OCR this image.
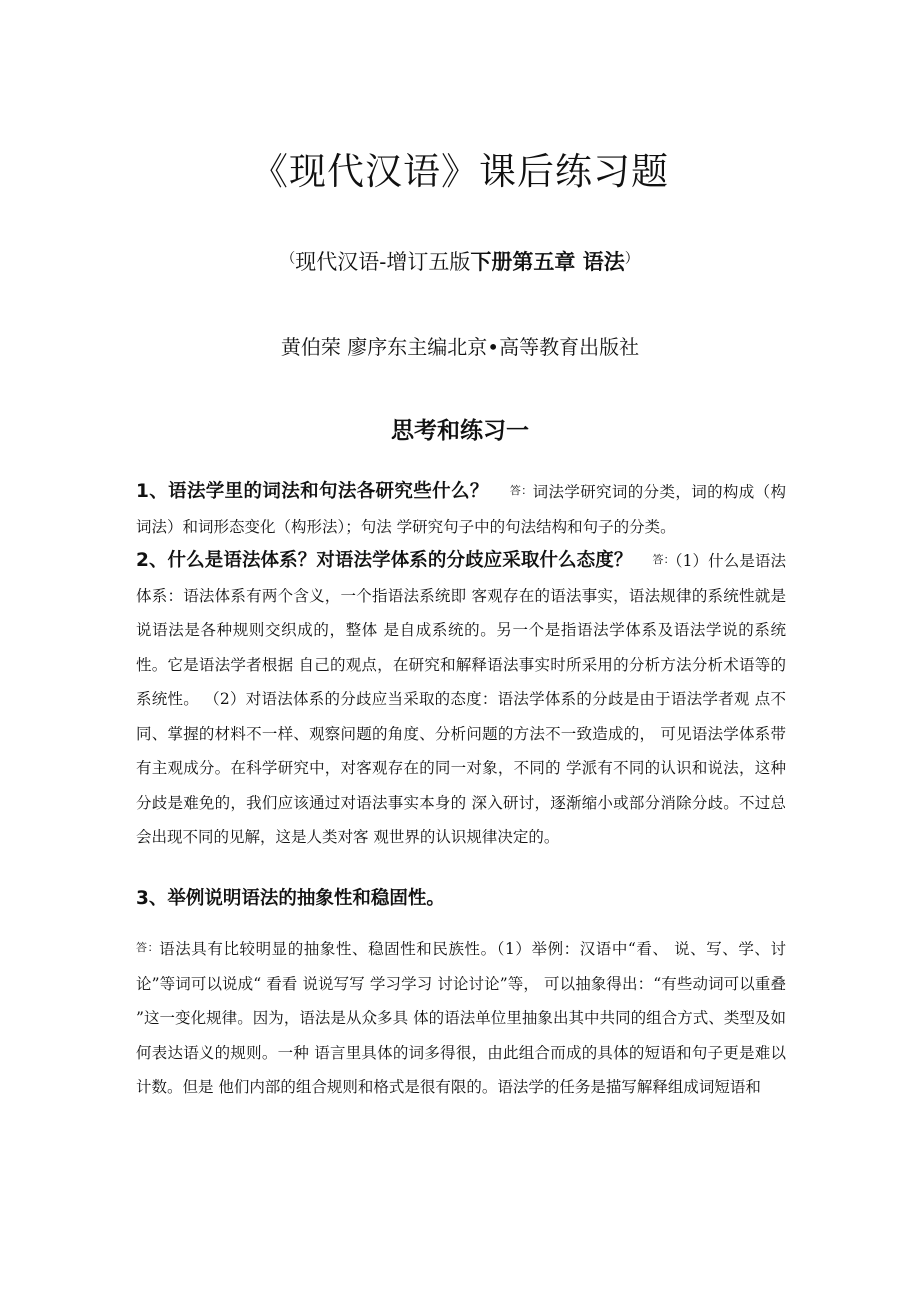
《现代汉语》课后练习题
（现代汉语-增订五版下册第五章 语法）
黄伯荣 廖序东主编北京•高等教育出版社
思考和练习一
1、语法学里的词法和句法各研究些什么？ 答：词法学研究词的分类，词的构成（构词法）和词形态变化（构形法）；句法 学研究句子中的句法结构和句子的分类。
2、什么是语法体系？对语法学体系的分歧应采取什么态度？ 答：（1）什么是语法体系：语法体系有两个含义，一个指语法系统即 客观存在的语法事实，语法规律的系统性就是说语法是各种规则交织成的，整体 是自成系统的。另一个是指语法学体系及语法学说的系统性。它是语法学者根据 自己的观点，在研究和解释语法事实时所采用的分析方法分析术语等的系统性。 （2）对语法体系的分歧应当采取的态度：语法学体系的分歧是由于语法学者观 点不同、掌握的材料不一样、观察问题的角度、分析问题的方法不一致造成的， 可见语法学体系带有主观成分。在科学研究中，对客观存在的同一对象，不同的 学派有不同的认识和说法，这种分歧是难免的，我们应该通过对语法事实本身的 深入研讨，逐渐缩小或部分消除分歧。不过总会出现不同的见解，这是人类对客 观世界的认识规律决定的。
3、举例说明语法的抽象性和稳固性。
答：语法具有比较明显的抽象性、稳固性和民族性。（1）举例：汉语中“看、 说、写、学、讨论”等词可以说成“ 看看 说说写写 学习学习 讨论讨论”等， 可以抽象得出：“有些动词可以重叠 ”这一变化规律。因为，语法是从众多具 体的语法单位里抽象出其中共同的组合方式、类型及如何表达语义的规则。一种 语言里具体的词多得很，由此组合而成的具体的短语和句子更是难以计数。但是 他们内部的组合规则和格式是很有限的。语法学的任务是描写解释组成词短语和
